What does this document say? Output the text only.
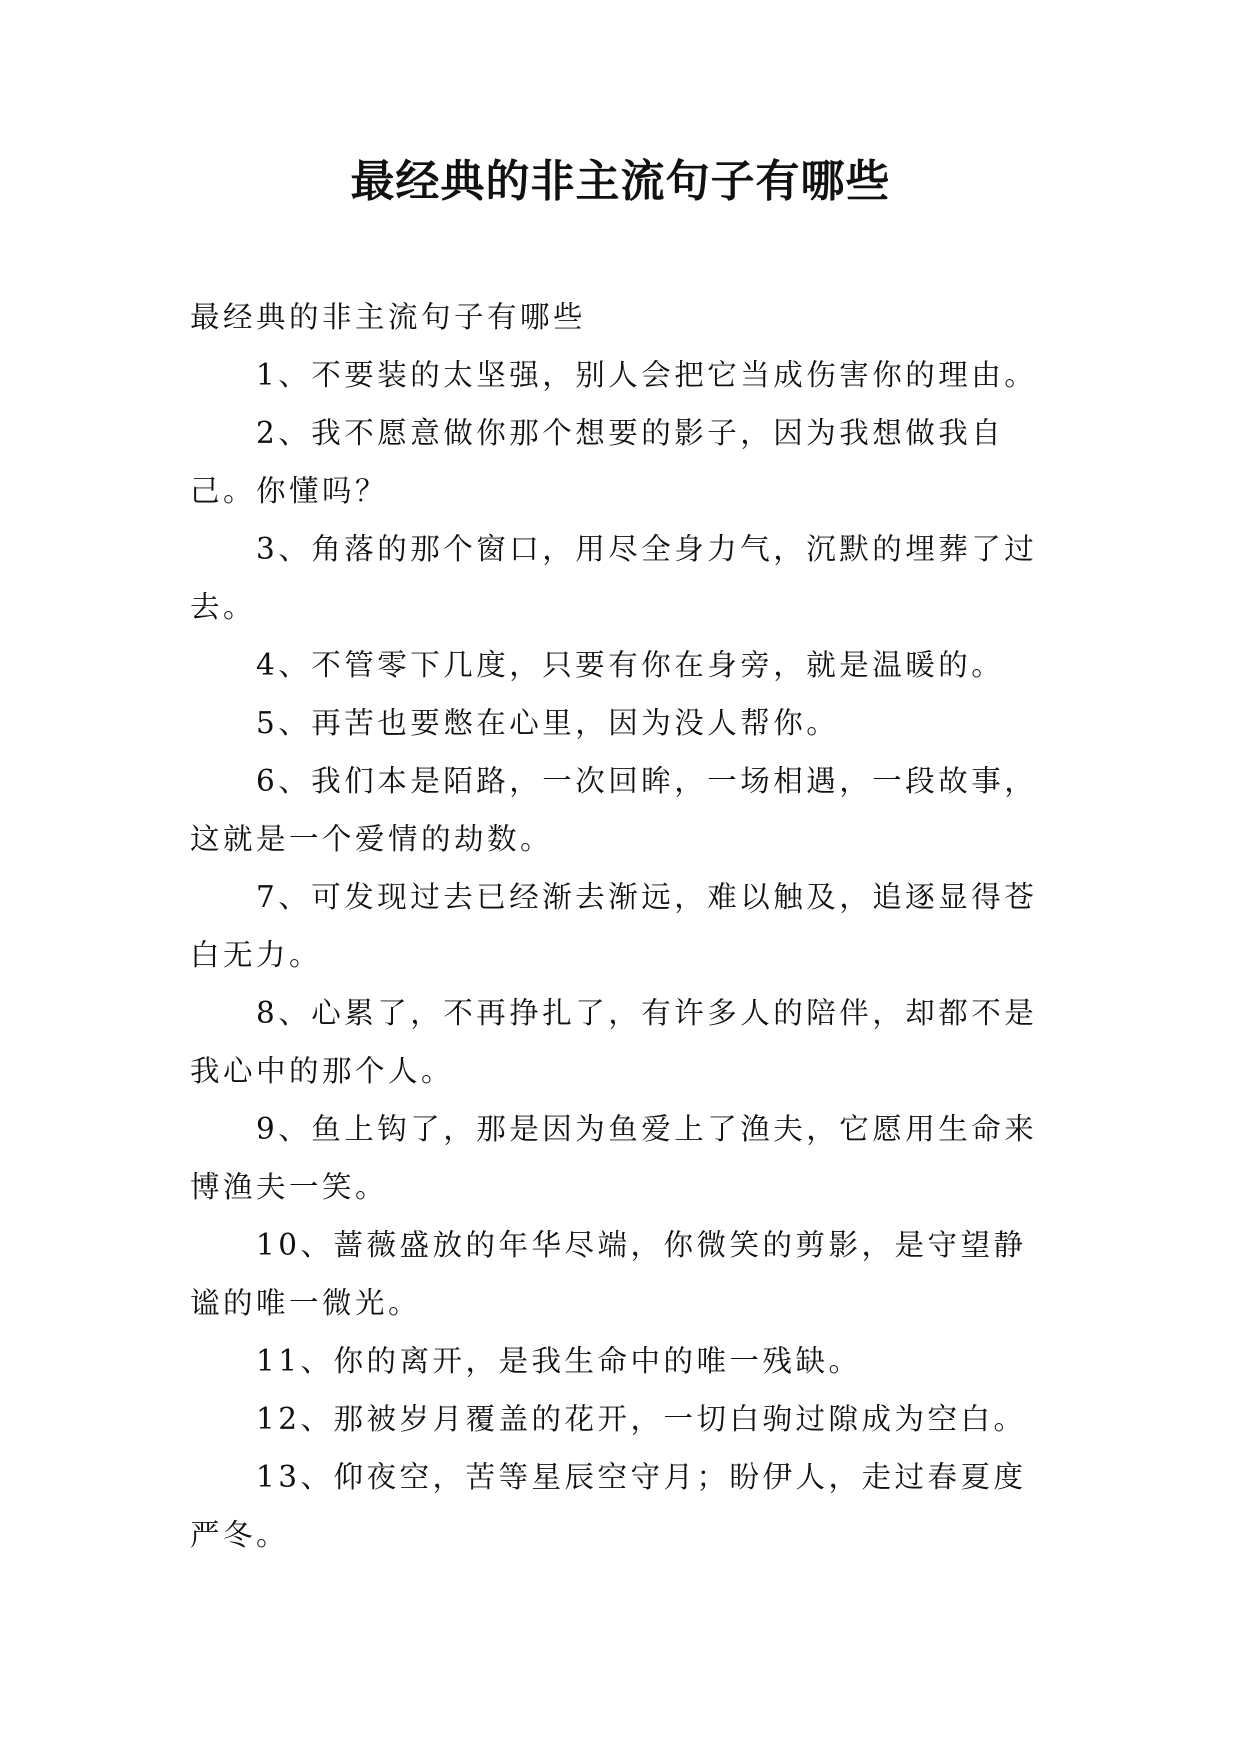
最经典的非主流句子有哪些

最经典的非主流句子有哪些

1、不要装的太坚强，别人会把它当成伤害你的理由。

2、我不愿意做你那个想要的影子，因为我想做我自己。你懂吗？

3、角落的那个窗口，用尽全身力气，沉默的埋葬了过去。

4、不管零下几度，只要有你在身旁，就是温暖的。

5、再苦也要憋在心里，因为没人帮你。

6、我们本是陌路，一次回眸，一场相遇，一段故事，这就是一个爱情的劫数。

7、可发现过去已经渐去渐远，难以触及，追逐显得苍白无力。

8、心累了，不再挣扎了，有许多人的陪伴，却都不是我心中的那个人。

9、鱼上钩了，那是因为鱼爱上了渔夫，它愿用生命来博渔夫一笑。

10、蔷薇盛放的年华尽端，你微笑的剪影，是守望静谧的唯一微光。

11、你的离开，是我生命中的唯一残缺。

12、那被岁月覆盖的花开，一切白驹过隙成为空白。

13、仰夜空，苦等星辰空守月；盼伊人，走过春夏度严冬。
